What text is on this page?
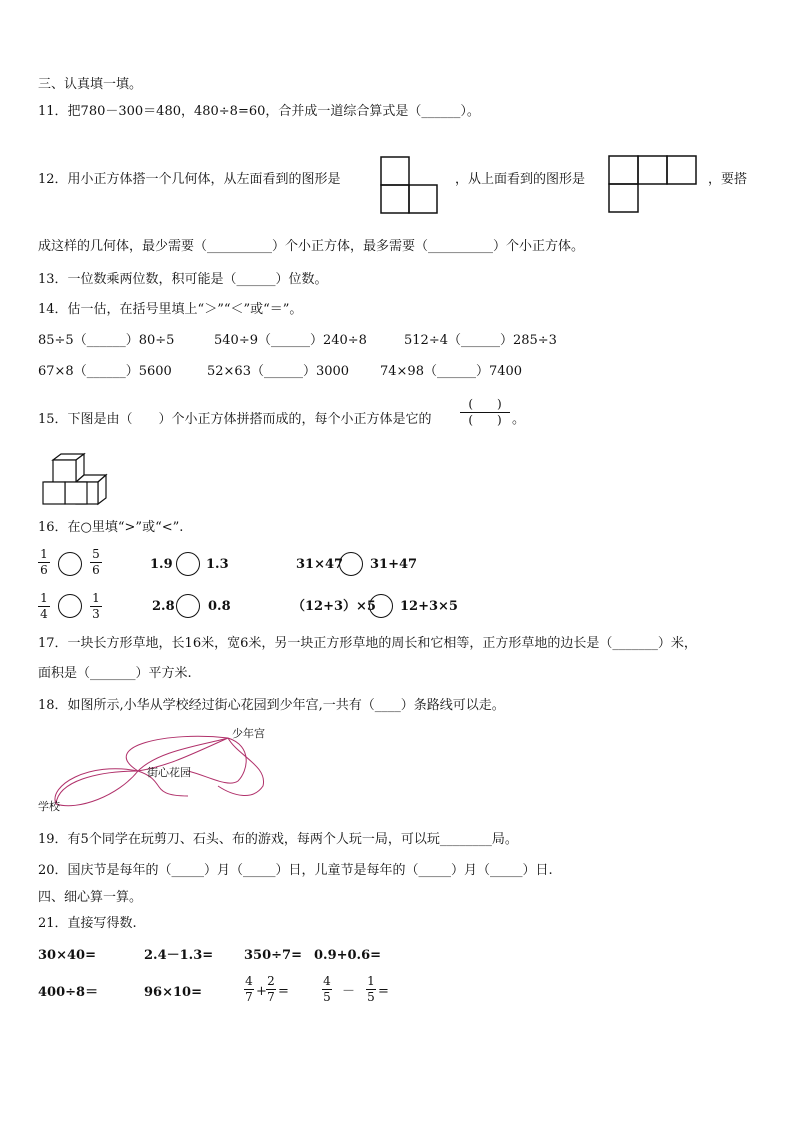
三、认真填一填。
11．把780－300＝480，480÷8=60，合并成一道综合算式是（______）。
12．用小正方体搭一个几何体，从左面看到的图形是	，从上面看到的图形是	，要搭
成这样的几何体，最少需要（__________）个小正方体，最多需要（__________）个小正方体。
13．一位数乘两位数，积可能是（______）位数。
14．估一估，在括号里填上“＞”“＜”或“＝”。
85÷5（______）80÷5	540÷9（______）240÷8	512÷4（______）285÷3
67×8（______）5600	52×63（______）3000 74×98（______）7400
15．下图是由（　　）个小正方体拼搭而成的，每个小正方体是它的
(　　)
(　　) 。
16．在○里填“>”或“<”.
1
6
5
6	1.9	1.3	31×47 31+47
1
4
1
3	2.8	0.8	（12+3）×5 12+3×5
17．一块长方形草地，长16米，宽6米，另一块正方形草地的周长和它相等，正方形草地的边长是（_______）米，
面积是（_______）平方米.
18．如图所示,小华从学校经过街心花园到少年宫,一共有（____）条路线可以走。
少年宫
街心花园
学校
19．有5个同学在玩剪刀、石头、布的游戏，每两个人玩一局，可以玩________局。
20．国庆节是每年的（_____）月（_____）日，儿童节是每年的（_____）月（_____）日.
四、细心算一算。
21．直接写得数.
30×40=	2.4－1.3= 350÷7= 0.9+0.6=
400÷8＝	96×10=
4
7 +
2
7 =
4
5 －
1
5 =
